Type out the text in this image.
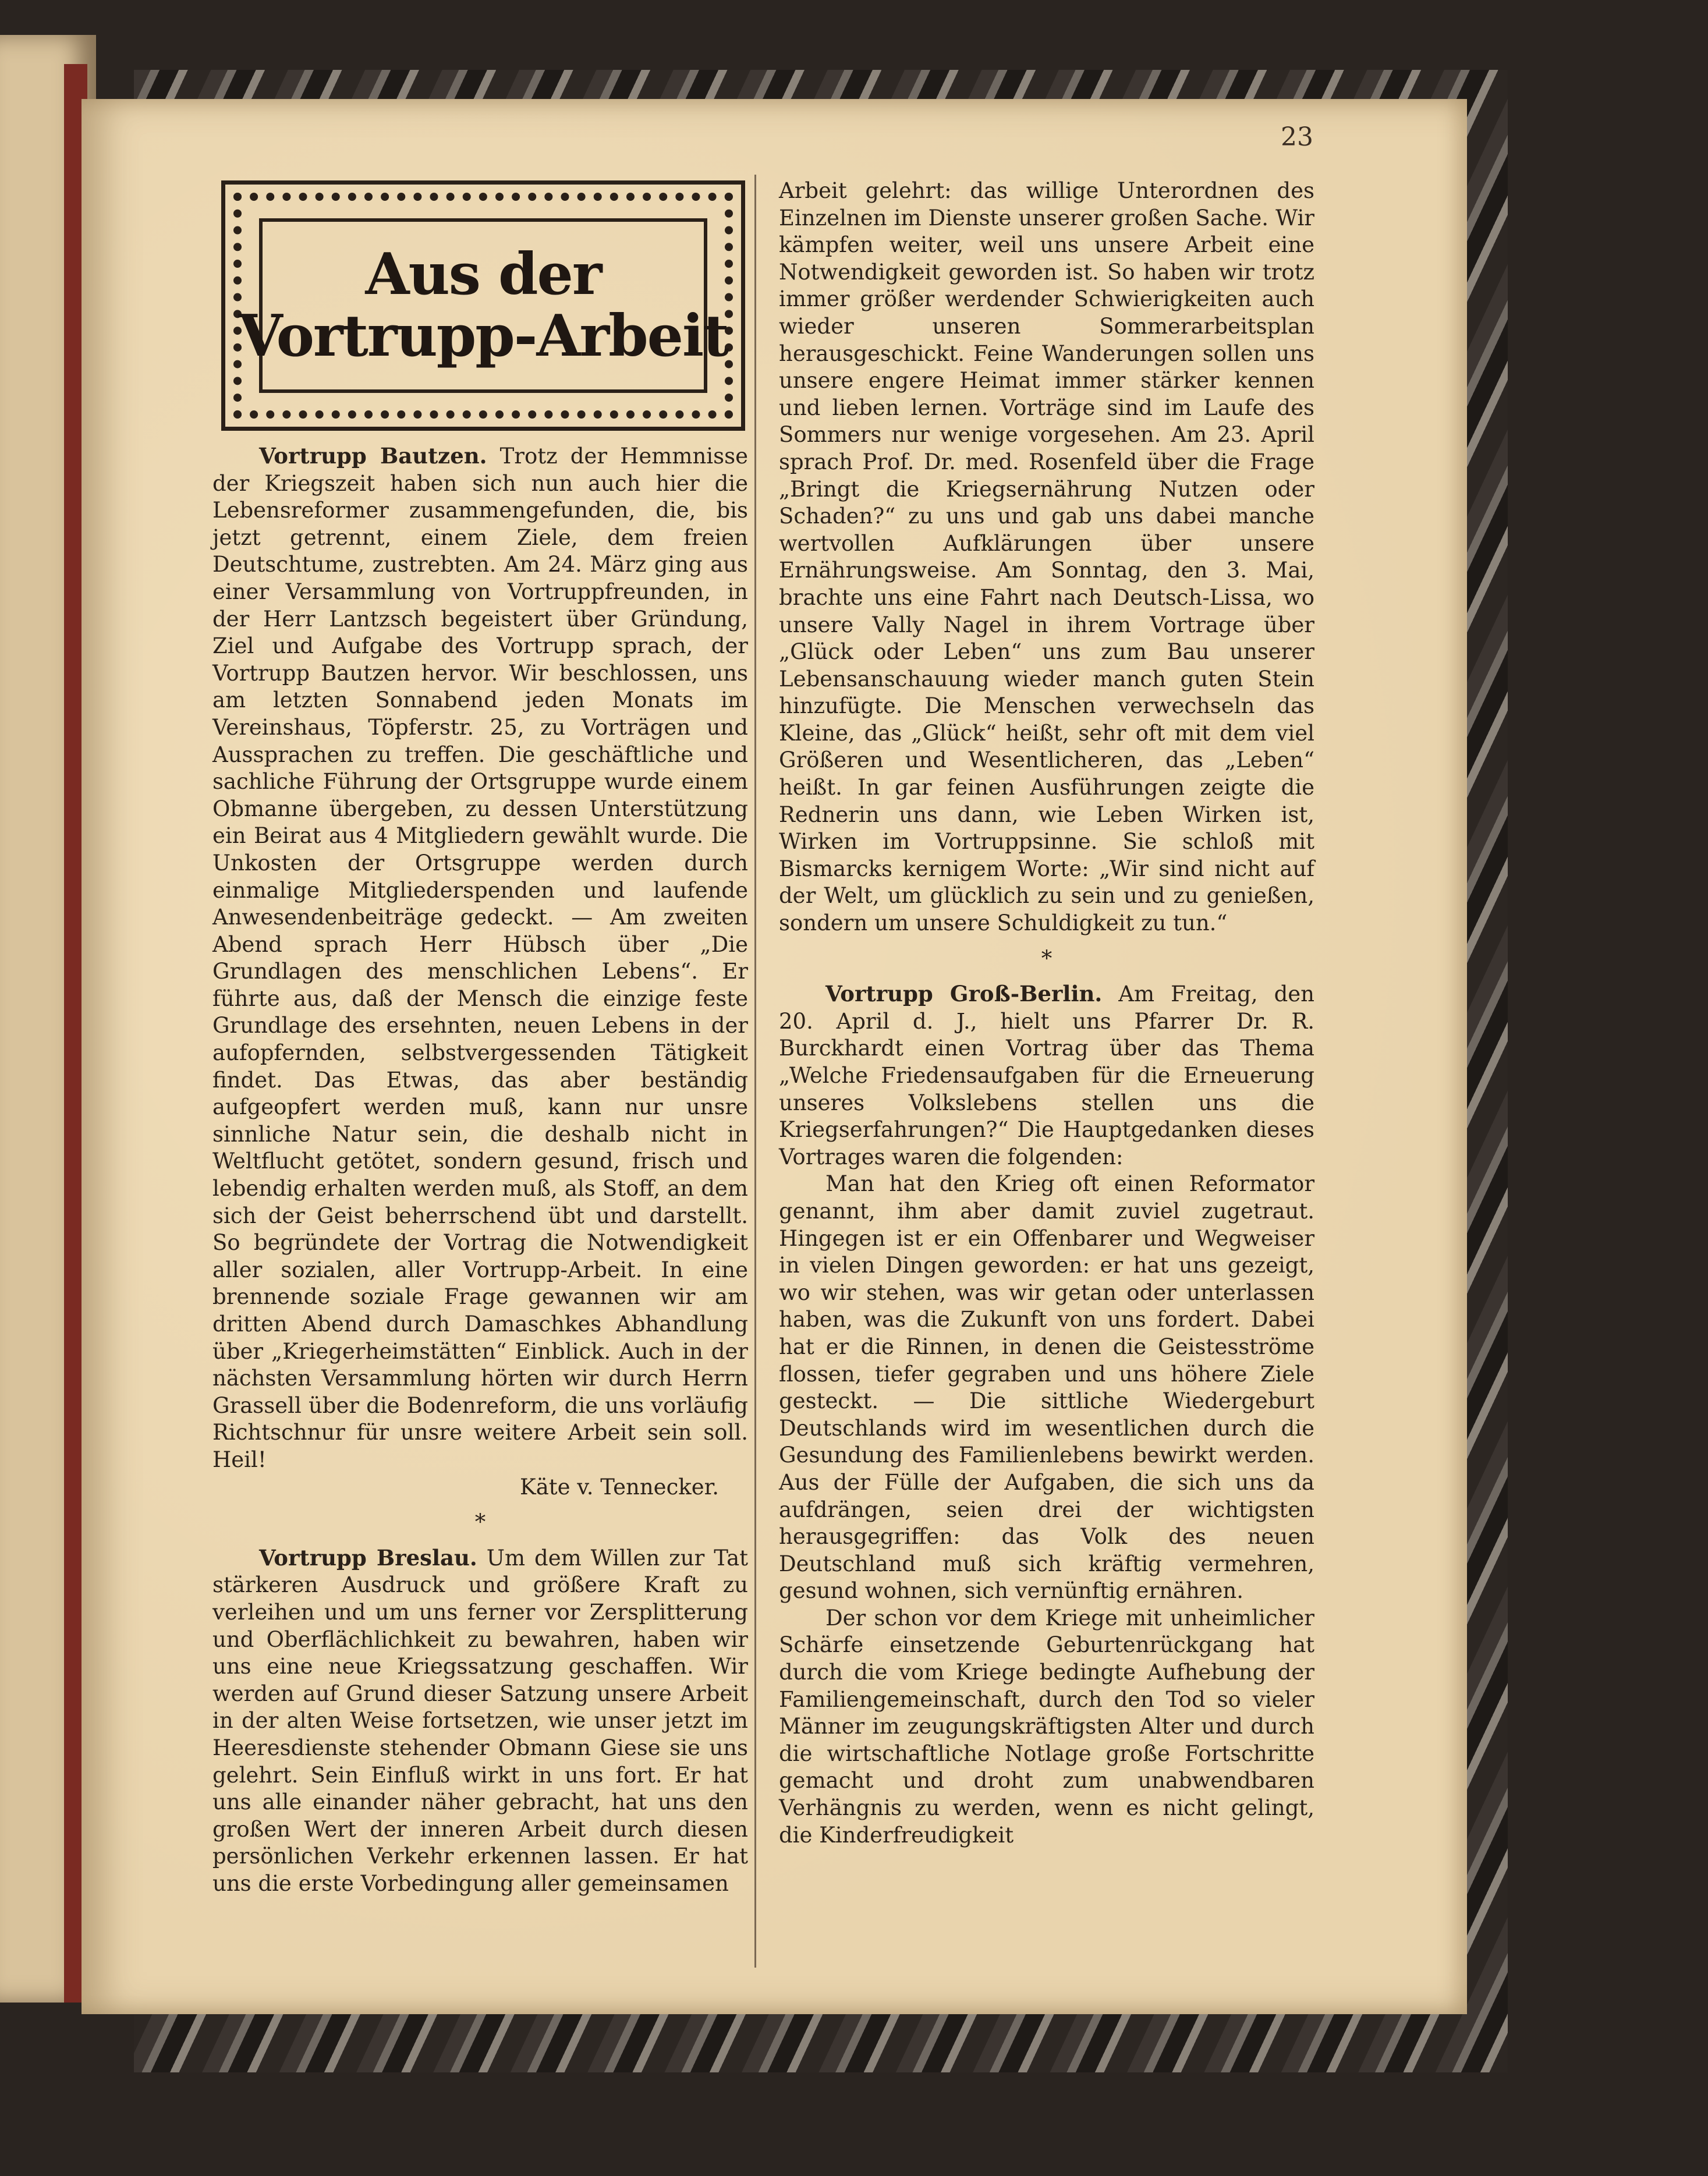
23
Aus der
Vortrupp-Arbeit

Vortrupp Bautzen. Trotz der Hemmnisse der Kriegszeit haben sich nun auch hier die Lebensreformer zusammengefunden, die, bis jetzt getrennt, einem Ziele, dem freien Deutschtume, zustrebten. Am 24. März ging aus einer Versammlung von Vortruppfreunden, in der Herr Lantzsch begeistert über Gründung, Ziel und Aufgabe des Vortrupp sprach, der Vortrupp Bautzen hervor. Wir beschlossen, uns am letzten Sonnabend jeden Monats im Vereinshaus, Töpferstr. 25, zu Vorträgen und Aussprachen zu treffen. Die geschäftliche und sachliche Führung der Ortsgruppe wurde einem Obmanne übergeben, zu dessen Unterstützung ein Beirat aus 4 Mitgliedern gewählt wurde. Die Unkosten der Ortsgruppe werden durch einmalige Mitgliederspenden und laufende Anwesendenbeiträge gedeckt. — Am zweiten Abend sprach Herr Hübsch über „Die Grundlagen des menschlichen Lebens“. Er führte aus, daß der Mensch die einzige feste Grundlage des ersehnten, neuen Lebens in der aufopfernden, selbstvergessenden Tätigkeit findet. Das Etwas, das aber beständig aufgeopfert werden muß, kann nur unsre sinnliche Natur sein, die deshalb nicht in Weltflucht getötet, sondern gesund, frisch und lebendig erhalten werden muß, als Stoff, an dem sich der Geist beherrschend übt und darstellt. So begründete der Vortrag die Notwendigkeit aller sozialen, aller Vortrupp-Arbeit. In eine brennende soziale Frage gewannen wir am dritten Abend durch Damaschkes Abhandlung über „Kriegerheimstätten“ Einblick. Auch in der nächsten Versammlung hörten wir durch Herrn Grassell über die Bodenreform, die uns vorläufig Richtschnur für unsre weitere Arbeit sein soll. Heil!

Käte v. Tennecker.

*

Vortrupp Breslau. Um dem Willen zur Tat stärkeren Ausdruck und größere Kraft zu verleihen und um uns ferner vor Zersplitterung und Oberflächlichkeit zu bewahren, haben wir uns eine neue Kriegssatzung geschaffen. Wir werden auf Grund dieser Satzung unsere Arbeit in der alten Weise fortsetzen, wie unser jetzt im Heeresdienste stehender Obmann Giese sie uns gelehrt. Sein Einfluß wirkt in uns fort. Er hat uns alle einander näher gebracht, hat uns den großen Wert der inneren Arbeit durch diesen persönlichen Verkehr erkennen lassen. Er hat uns die erste Vorbedingung aller gemeinsamen

Arbeit gelehrt: das willige Unterordnen des Einzelnen im Dienste unserer großen Sache. Wir kämpfen weiter, weil uns unsere Arbeit eine Notwendigkeit geworden ist. So haben wir trotz immer größer werdender Schwierigkeiten auch wieder unseren Sommerarbeitsplan herausgeschickt. Feine Wanderungen sollen uns unsere engere Heimat immer stärker kennen und lieben lernen. Vorträge sind im Laufe des Sommers nur wenige vorgesehen. Am 23. April sprach Prof. Dr. med. Rosenfeld über die Frage „Bringt die Kriegsernährung Nutzen oder Schaden?“ zu uns und gab uns dabei manche wertvollen Aufklärungen über unsere Ernährungsweise. Am Sonntag, den 3. Mai, brachte uns eine Fahrt nach Deutsch-Lissa, wo unsere Vally Nagel in ihrem Vortrage über „Glück oder Leben“ uns zum Bau unserer Lebensanschauung wieder manch guten Stein hinzufügte. Die Menschen verwechseln das Kleine, das „Glück“ heißt, sehr oft mit dem viel Größeren und Wesentlicheren, das „Leben“ heißt. In gar feinen Ausführungen zeigte die Rednerin uns dann, wie Leben Wirken ist, Wirken im Vortruppsinne. Sie schloß mit Bismarcks kernigem Worte: „Wir sind nicht auf der Welt, um glücklich zu sein und zu genießen, sondern um unsere Schuldigkeit zu tun.“

*

Vortrupp Groß-Berlin. Am Freitag, den 20. April d. J., hielt uns Pfarrer Dr. R. Burckhardt einen Vortrag über das Thema „Welche Friedensaufgaben für die Erneuerung unseres Volkslebens stellen uns die Kriegserfahrungen?“ Die Hauptgedanken dieses Vortrages waren die folgenden:

Man hat den Krieg oft einen Reformator genannt, ihm aber damit zuviel zugetraut. Hingegen ist er ein Offenbarer und Wegweiser in vielen Dingen geworden: er hat uns gezeigt, wo wir stehen, was wir getan oder unterlassen haben, was die Zukunft von uns fordert. Dabei hat er die Rinnen, in denen die Geistesströme flossen, tiefer gegraben und uns höhere Ziele gesteckt. — Die sittliche Wiedergeburt Deutschlands wird im wesentlichen durch die Gesundung des Familienlebens bewirkt werden. Aus der Fülle der Aufgaben, die sich uns da aufdrängen, seien drei der wichtigsten herausgegriffen: das Volk des neuen Deutschland muß sich kräftig vermehren, gesund wohnen, sich vernünftig ernähren.

Der schon vor dem Kriege mit unheimlicher Schärfe einsetzende Geburtenrückgang hat durch die vom Kriege bedingte Aufhebung der Familiengemeinschaft, durch den Tod so vieler Männer im zeugungskräftigsten Alter und durch die wirtschaftliche Notlage große Fortschritte gemacht und droht zum unabwendbaren Verhängnis zu werden, wenn es nicht gelingt, die Kinderfreudigkeit
